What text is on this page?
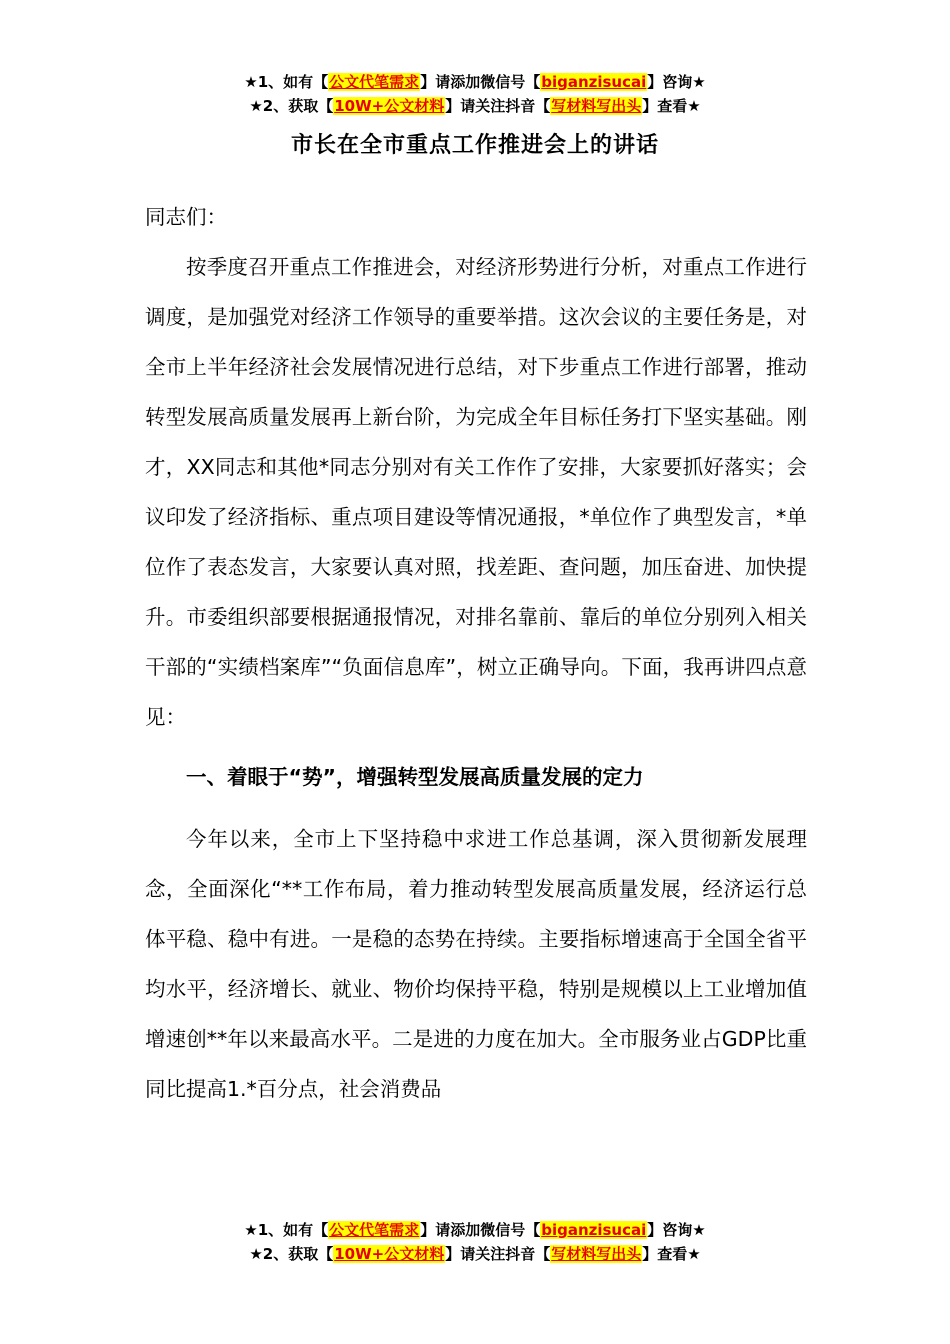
★1、如有【公文代笔需求】请添加微信号【biganzisucai】咨询★
★2、获取【10W+公文材料】请关注抖音【写材料写出头】查看★
市长在全市重点工作推进会上的讲话

同志们：

按季度召开重点工作推进会，对经济形势进行分析，对重点工作进行调度，是加强党对经济工作领导的重要举措。这次会议的主要任务是，对全市上半年经济社会发展情况进行总结，对下步重点工作进行部署，推动转型发展高质量发展再上新台阶，为完成全年目标任务打下坚实基础。刚才，XX同志和其他*同志分别对有关工作作了安排，大家要抓好落实；会议印发了经济指标、重点项目建设等情况通报，*单位作了典型发言，*单位作了表态发言，大家要认真对照，找差距、查问题，加压奋进、加快提升。市委组织部要根据通报情况，对排名靠前、靠后的单位分别列入相关干部的“实绩档案库”“负面信息库”，树立正确导向。下面，我再讲四点意见：

一、着眼于“势”，增强转型发展高质量发展的定力

今年以来，全市上下坚持稳中求进工作总基调，深入贯彻新发展理念，全面深化“**工作布局，着力推动转型发展高质量发展，经济运行总体平稳、稳中有进。一是稳的态势在持续。主要指标增速高于全国全省平均水平，经济增长、就业、物价均保持平稳，特别是规模以上工业增加值增速创**年以来最高水平。二是进的力度在加大。全市服务业占GDP比重同比提高1.*百分点，社会消费品

★1、如有【公文代笔需求】请添加微信号【biganzisucai】咨询★
★2、获取【10W+公文材料】请关注抖音【写材料写出头】查看★
